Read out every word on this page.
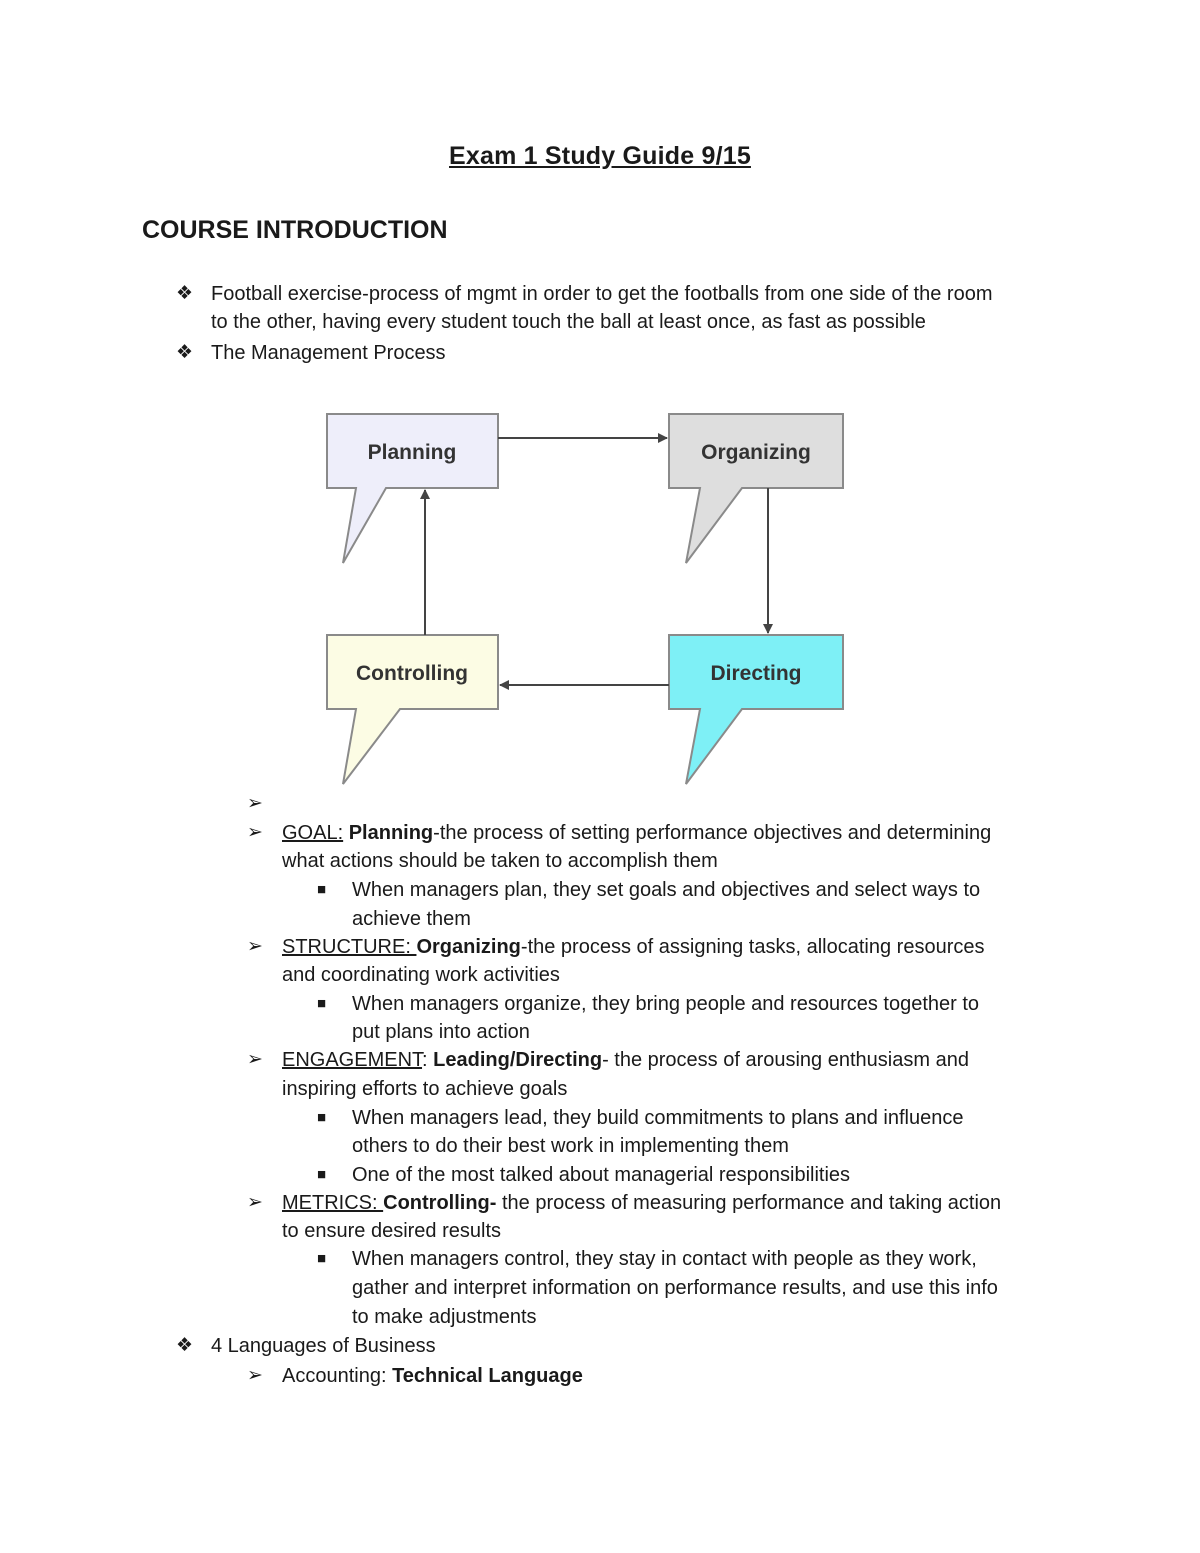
Exam 1 Study Guide 9/15
COURSE INTRODUCTION
❖ Football exercise-process of mgmt in order to get the footballs from one side of the room
to the other, having every student touch the ball at least once, as fast as possible
❖ The Management Process
Planning	Organizing
Controlling	Directing
➢
➢ GOAL: Planning-the process of setting performance objectives and determining
what actions should be taken to accomplish them
■ When managers plan, they set goals and objectives and select ways to
achieve them
➢ STRUCTURE: Organizing-the process of assigning tasks, allocating resources
and coordinating work activities
■ When managers organize, they bring people and resources together to
put plans into action
➢ ENGAGEMENT: Leading/Directing- the process of arousing enthusiasm and
inspiring efforts to achieve goals
■ When managers lead, they build commitments to plans and influence
others to do their best work in implementing them
■ One of the most talked about managerial responsibilities
➢ METRICS: Controlling- the process of measuring performance and taking action
to ensure desired results
■ When managers control, they stay in contact with people as they work,
gather and interpret information on performance results, and use this info
to make adjustments
❖ 4 Languages of Business
➢ Accounting: Technical Language
